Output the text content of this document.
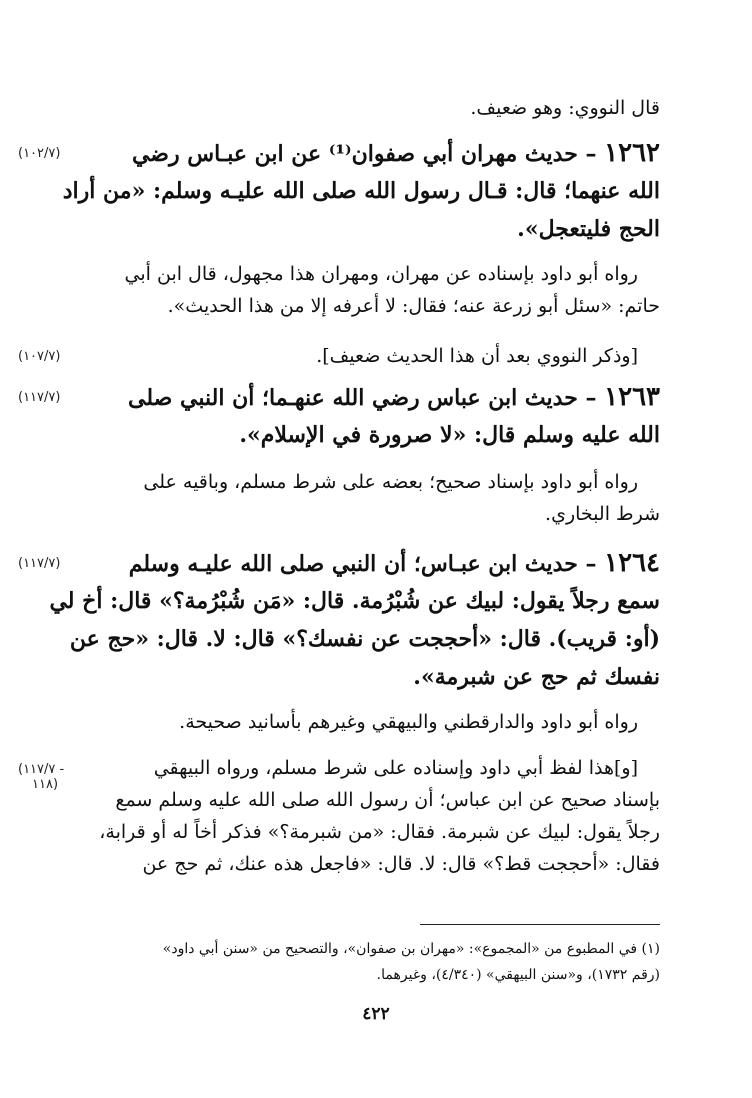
قال النووي: وهو ضعيف.
(١٠٢/٧)	١٢٦٢ – حديث مهران أبي صفوان⁽¹⁾ عن ابن عبـاس رضي
الله عنهما؛ قال: قـال رسول الله صلى الله عليـه وسلم: «من أراد
الحج فليتعجل».
رواه أبو داود بإسناده عن مهران، ومهران هذا مجهول، قال ابن أبي
حاتم: «سئل أبو زرعة عنه؛ فقال: لا أعرفه إلا من هذا الحديث».
(١٠٧/٧)	[وذكر النووي بعد أن هذا الحديث ضعيف].
(١١٧/٧)	١٢٦٣ – حديث ابن عباس رضي الله عنهـما؛ أن النبي صلى
الله عليه وسلم قال: «لا صرورة في الإسلام».
رواه أبو داود بإسناد صحيح؛ بعضه على شرط مسلم، وباقيه على
شرط البخاري.
(١١٧/٧)	١٢٦٤ – حديث ابن عبـاس؛ أن النبي صلى الله عليـه وسلم
سمع رجلاً يقول: لبيك عن شُبْرُمة. قال: «مَن شُبْرُمة؟» قال: أخ لي
(أو: قريب). قال: «أحججت عن نفسك؟» قال: لا. قال: «حج عن
نفسك ثم حج عن شبرمة».
رواه أبو داود والدارقطني والبيهقي وغيرهم بأسانيد صحيحة.
(١١٧/٧ -
١١٨)
[و]هذا لفظ أبي داود وإسناده على شرط مسلم، ورواه البيهقي
بإسناد صحيح عن ابن عباس؛ أن رسول الله صلى الله عليه وسلم سمع
رجلاً يقول: لبيك عن شبرمة. فقال: «من شبرمة؟» فذكر أخاً له أو قرابة،
فقال: «أحججت قط؟» قال: لا. قال: «فاجعل هذه عنك، ثم حج عن
(١) في المطبوع من «المجموع»: «مهران بن صفوان»، والتصحيح من «سنن أبي داود»
(رقم ١٧٣٢)، و«سنن البيهقي» (٤/٣٤٠)، وغيرهما.
٤٢٢
